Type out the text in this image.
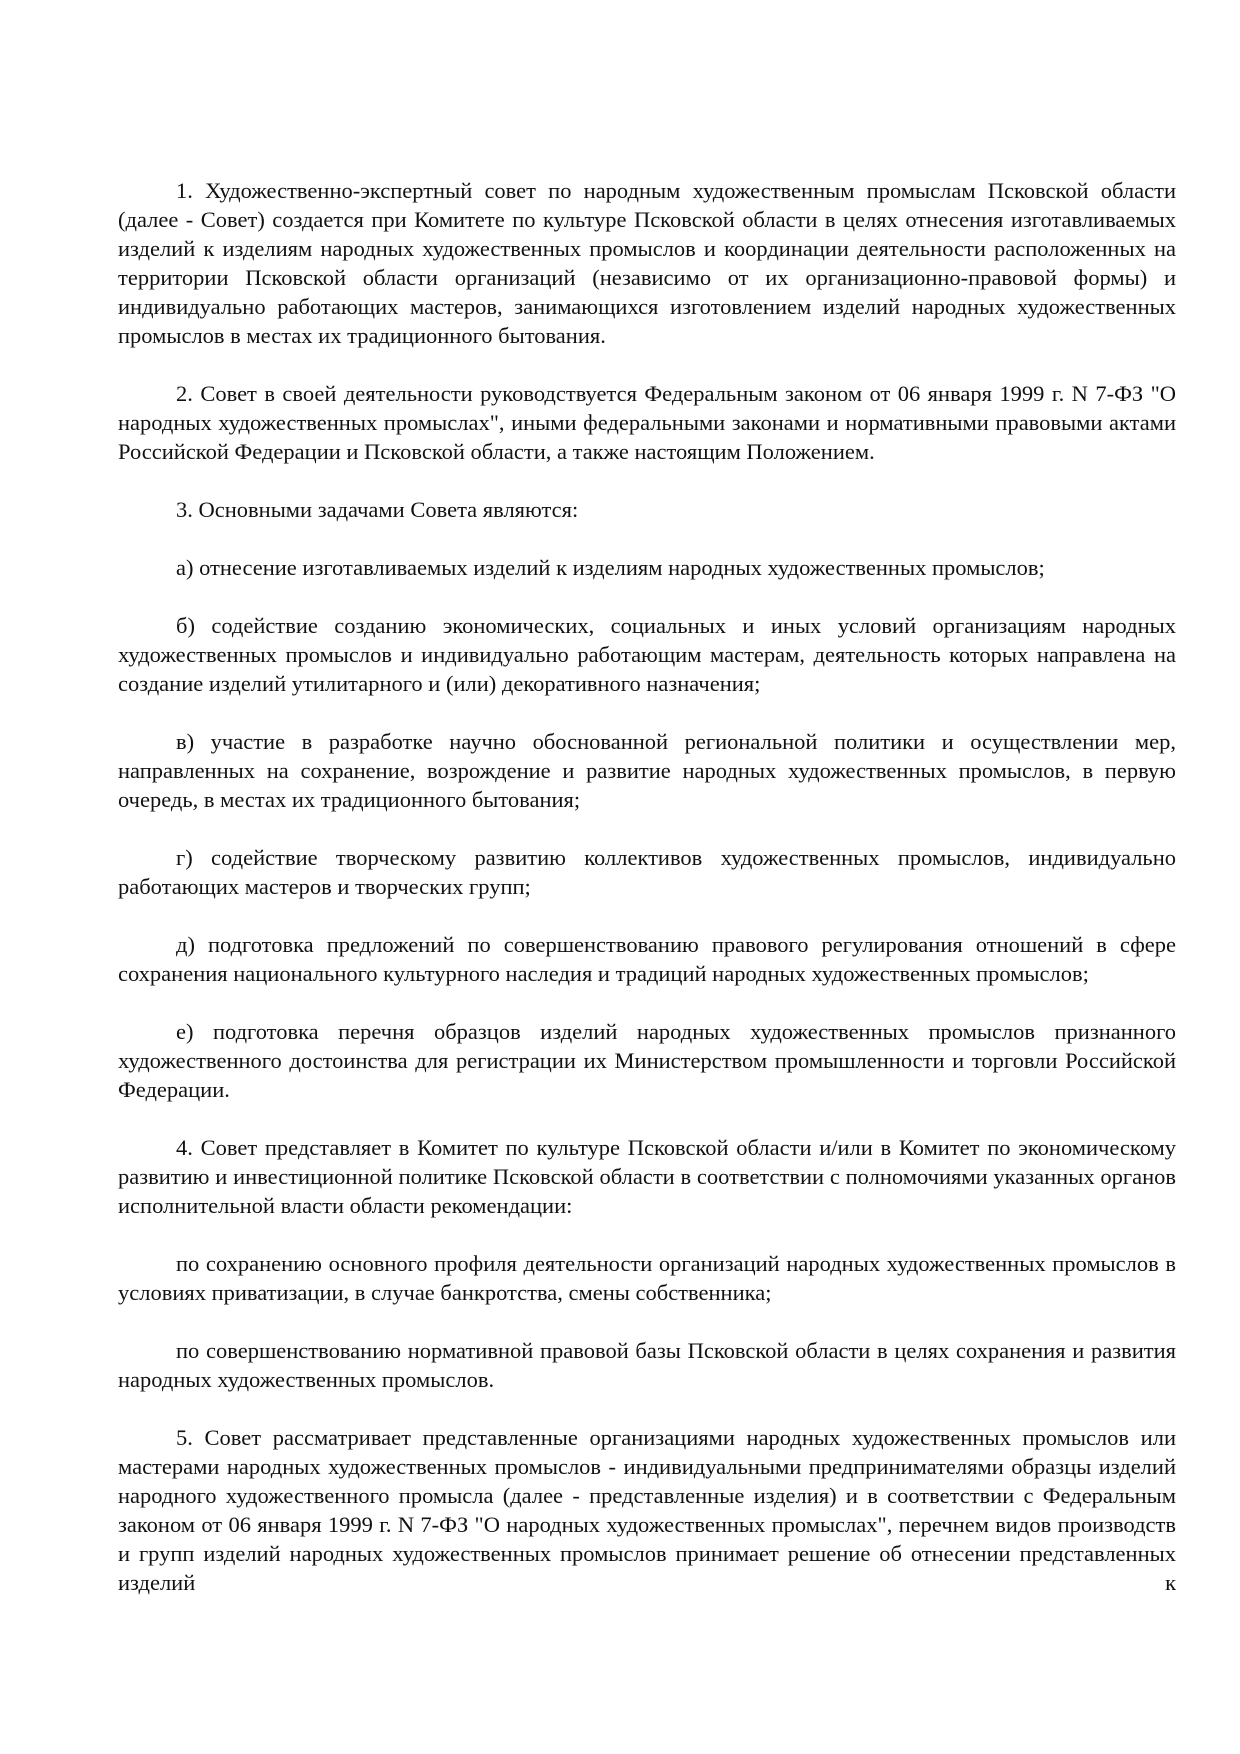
1. Художественно-экспертный совет по народным художественным промыслам Псковской области (далее - Совет) создается при Комитете по культуре Псковской области в целях отнесения изготавливаемых изделий к изделиям народных художественных промыслов и координации деятельности расположенных на территории Псковской области организаций (независимо от их организационно-правовой формы) и индивидуально работающих мастеров, занимающихся изготовлением изделий народных художественных промыслов в местах их традиционного бытования.

2. Совет в своей деятельности руководствуется Федеральным законом от 06 января 1999 г. N 7-ФЗ "О народных художественных промыслах", иными федеральными законами и нормативными правовыми актами Российской Федерации и Псковской области, а также настоящим Положением.

3. Основными задачами Совета являются:

а) отнесение изготавливаемых изделий к изделиям народных художественных промыслов;

б) содействие созданию экономических, социальных и иных условий организациям народных художественных промыслов и индивидуально работающим мастерам, деятельность которых направлена на создание изделий утилитарного и (или) декоративного назначения;

в) участие в разработке научно обоснованной региональной политики и осуществлении мер, направленных на сохранение, возрождение и развитие народных художественных промыслов, в первую очередь, в местах их традиционного бытования;

г) содействие творческому развитию коллективов художественных промыслов, индивидуально работающих мастеров и творческих групп;

д) подготовка предложений по совершенствованию правового регулирования отношений в сфере сохранения национального культурного наследия и традиций народных художественных промыслов;

е) подготовка перечня образцов изделий народных художественных промыслов признанного художественного достоинства для регистрации их Министерством промышленности и торговли Российской Федерации.

4. Совет представляет в Комитет по культуре Псковской области и/или в Комитет по экономическому развитию и инвестиционной политике Псковской области в соответствии с полномочиями указанных органов исполнительной власти области рекомендации:

по сохранению основного профиля деятельности организаций народных художественных промыслов в условиях приватизации, в случае банкротства, смены собственника;

по совершенствованию нормативной правовой базы Псковской области в целях сохранения и развития народных художественных промыслов.

5. Совет рассматривает представленные организациями народных художественных промыслов или мастерами народных художественных промыслов - индивидуальными предпринимателями образцы изделий народного художественного промысла (далее - представленные изделия) и в соответствии с Федеральным законом от 06 января 1999 г. N 7-ФЗ "О народных художественных промыслах", перечнем видов производств и групп изделий народных художественных промыслов принимает решение об отнесении представленных изделий к
